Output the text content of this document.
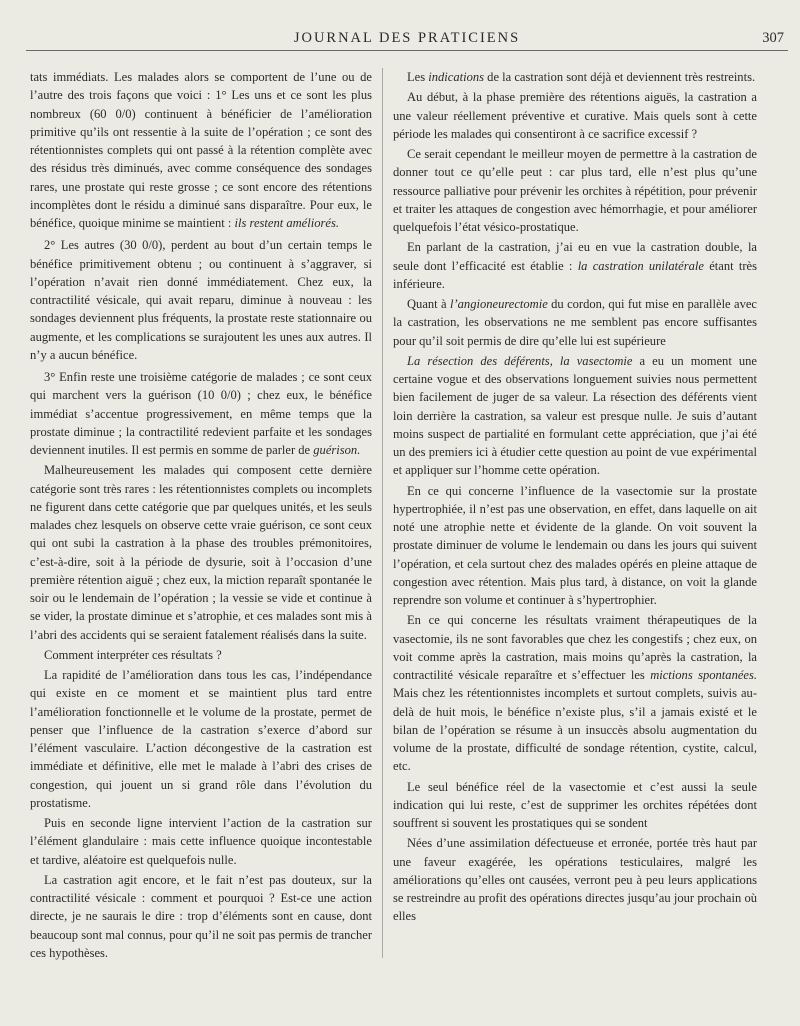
JOURNAL DES PRATICIENS	307

tats immédiats. Les malades alors se comportent de l’une ou de l’autre des trois façons que voici : 1° Les uns et ce sont les plus nombreux (60 0/0) continuent à bénéficier de l’amélioration primitive qu’ils ont ressentie à la suite de l’opération ; ce sont des rétentionnistes complets qui ont passé à la rétention complète avec des résidus très diminués, avec comme conséquence des sondages rares, une prostate qui reste grosse ; ce sont encore des rétentions incomplètes dont le résidu a diminué sans disparaître. Pour eux, le bénéfice, quoique minime se maintient : ils restent améliorés.

2° Les autres (30 0/0), perdent au bout d’un certain temps le bénéfice primitivement obtenu ; ou continuent à s’aggraver, si l’opération n’avait rien donné immédiatement. Chez eux, la contractilité vésicale, qui avait reparu, diminue à nouveau : les sondages deviennent plus fréquents, la prostate reste stationnaire ou augmente, et les complications se surajoutent les unes aux autres. Il n’y a aucun bénéfice.

3° Enfin reste une troisième catégorie de malades ; ce sont ceux qui marchent vers la guérison (10 0/0) ; chez eux, le bénéfice immédiat s’accentue progressivement, en même temps que la prostate diminue ; la contractilité redevient parfaite et les sondages deviennent inutiles. Il est permis en somme de parler de guérison.

Malheureusement les malades qui composent cette dernière catégorie sont très rares : les rétentionnistes complets ou incomplets ne figurent dans cette catégorie que par quelques unités, et les seuls malades chez lesquels on observe cette vraie guérison, ce sont ceux qui ont subi la castration à la phase des troubles prémonitoires, c’est-à-dire, soit à la période de dysurie, soit à l’occasion d’une première rétention aiguë ; chez eux, la miction reparaît spontanée le soir ou le lendemain de l’opération ; la vessie se vide et continue à se vider, la prostate diminue et s’atrophie, et ces malades sont mis à l’abri des accidents qui se seraient fatalement réalisés dans la suite.

Comment interpréter ces résultats ?

La rapidité de l’amélioration dans tous les cas, l’indépendance qui existe en ce moment et se maintient plus tard entre l’amélioration fonctionnelle et le volume de la prostate, permet de penser que l’influence de la castration s’exerce d’abord sur l’élément vasculaire. L’action décongestive de la castration est immédiate et définitive, elle met le malade à l’abri des crises de congestion, qui jouent un si grand rôle dans l’évolution du prostatisme.

Puis en seconde ligne intervient l’action de la castration sur l’élément glandulaire : mais cette influence quoique incontestable et tardive, aléatoire est quelquefois nulle.

La castration agit encore, et le fait n’est pas douteux, sur la contractilité vésicale : comment et pourquoi ? Est-ce une action directe, je ne saurais le dire : trop d’éléments sont en cause, dont beaucoup sont mal connus, pour qu’il ne soit pas permis de trancher ces hypothèses.

Les indications de la castration sont déjà et deviennent très restreints.

Au début, à la phase première des rétentions aiguës, la castration a une valeur réellement préventive et curative. Mais quels sont à cette période les malades qui consentiront à ce sacrifice excessif ?

Ce serait cependant le meilleur moyen de permettre à la castration de donner tout ce qu’elle peut : car plus tard, elle n’est plus qu’une ressource palliative pour prévenir les orchites à répétition, pour prévenir et traiter les attaques de congestion avec hémorrhagie, et pour améliorer quelquefois l’état vésico-prostatique.

En parlant de la castration, j’ai eu en vue la castration double, la seule dont l’efficacité est établie : la castration unilatérale étant très inférieure.

Quant à l’angioneurectomie du cordon, qui fut mise en parallèle avec la castration, les observations ne me semblent pas encore suffisantes pour qu’il soit permis de dire qu’elle lui est supérieure

La résection des déférents, la vasectomie a eu un moment une certaine vogue et des observations longuement suivies nous permettent bien facilement de juger de sa valeur. La résection des déférents vient loin derrière la castration, sa valeur est presque nulle. Je suis d’autant moins suspect de partialité en formulant cette appréciation, que j’ai été un des premiers ici à étudier cette question au point de vue expérimental et appliquer sur l’homme cette opération.

En ce qui concerne l’influence de la vasectomie sur la prostate hypertrophiée, il n’est pas une observation, en effet, dans laquelle on ait noté une atrophie nette et évidente de la glande. On voit souvent la prostate diminuer de volume le lendemain ou dans les jours qui suivent l’opération, et cela surtout chez des malades opérés en pleine attaque de congestion avec rétention. Mais plus tard, à distance, on voit la glande reprendre son volume et continuer à s’hypertrophier.

En ce qui concerne les résultats vraiment thérapeutiques de la vasectomie, ils ne sont favorables que chez les congestifs ; chez eux, on voit comme après la castration, mais moins qu’après la castration, la contractilité vésicale reparaître et s’effectuer les mictions spontanées. Mais chez les rétentionnistes incomplets et surtout complets, suivis au-delà de huit mois, le bénéfice n’existe plus, s’il a jamais existé et le bilan de l’opération se résume à un insuccès absolu augmentation du volume de la prostate, difficulté de sondage rétention, cystite, calcul, etc.

Le seul bénéfice réel de la vasectomie et c’est aussi la seule indication qui lui reste, c’est de supprimer les orchites répétées dont souffrent si souvent les prostatiques qui se sondent

Nées d’une assimilation défectueuse et erronée, portée très haut par une faveur exagérée, les opérations testiculaires, malgré les améliorations qu’elles ont causées, verront peu à peu leurs applications se restreindre au profit des opérations directes jusqu’au jour prochain où elles
